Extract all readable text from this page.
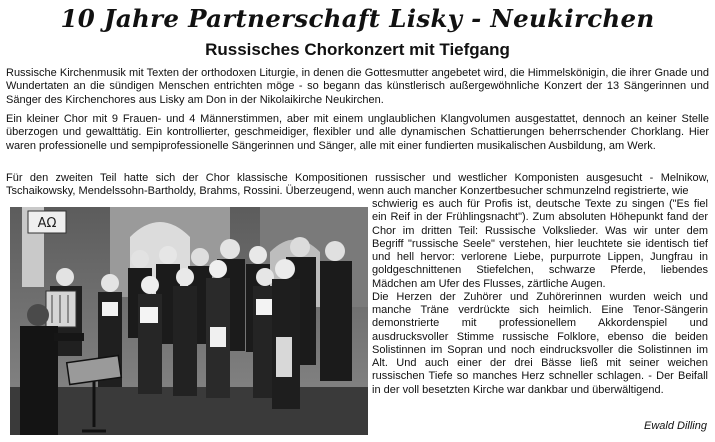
10 Jahre Partnerschaft Lisky - Neukirchen
Russisches Chorkonzert mit Tiefgang

Russische Kirchenmusik mit Texten der orthodoxen Liturgie, in denen die Gottesmutter angebetet wird, die Himmelskönigin, die ihrer Gnade und Wundertaten an die sündigen Menschen entrichten möge - so begann das künstlerisch außergewöhnliche Konzert der 13 Sängerinnen und Sänger des Kirchenchores aus Lisky am Don in der Nikolaikirche Neukirchen.

Ein kleiner Chor mit 9 Frauen- und 4 Männerstimmen, aber mit einem unglaublichen Klangvolumen ausgestattet, dennoch an keiner Stelle überzogen und gewalttätig. Ein kontrollierter, geschmeidiger, flexibler und alle dynamischen Schattierungen beherrschender Chorklang. Hier waren professionelle und sempiprofessionelle Sängerinnen und Sänger, alle mit einer fundierten musikalischen Ausbildung, am Werk.

Für den zweiten Teil hatte sich der Chor klassische Kompositionen russischer und westlicher Komponisten ausgesucht - Melnikow, Tschaikowsky, Mendelssohn-Bartholdy, Brahms, Rossini. Überzeugend, wenn auch mancher Konzertbesucher schmunzelnd registrierte, wie

ΑΩ
Ewald Dilling

schwierig es auch für Profis ist, deutsche Texte zu singen ("Es fiel ein Reif in der Frühlingsnacht"). Zum absoluten Höhepunkt fand der Chor im dritten Teil: Russische Volkslieder. Was wir unter dem Begriff "russische Seele" verstehen, hier leuchtete sie identisch tief und hell hervor: verlorene Liebe, purpurrote Lippen, Jungfrau in goldgeschnittenen Stiefelchen, schwarze Pferde, liebendes Mädchen am Ufer des Flusses, zärtliche Augen.
Die Herzen der Zuhörer und Zuhörerinnen wurden weich und manche Träne verdrückte sich heimlich. Eine Tenor-Sängerin demonstrierte mit professionellem Akkordenspiel und ausdrucksvoller Stimme russische Folklore, ebenso die beiden Solistinnen im Sopran und noch eindrucksvoller die Solistinnen im Alt. Und auch einer der drei Bässe ließ mit seiner weichen russischen Tiefe so manches Herz schneller schlagen. - Der Beifall in der voll besetzten Kirche war dankbar und überwältigend.
